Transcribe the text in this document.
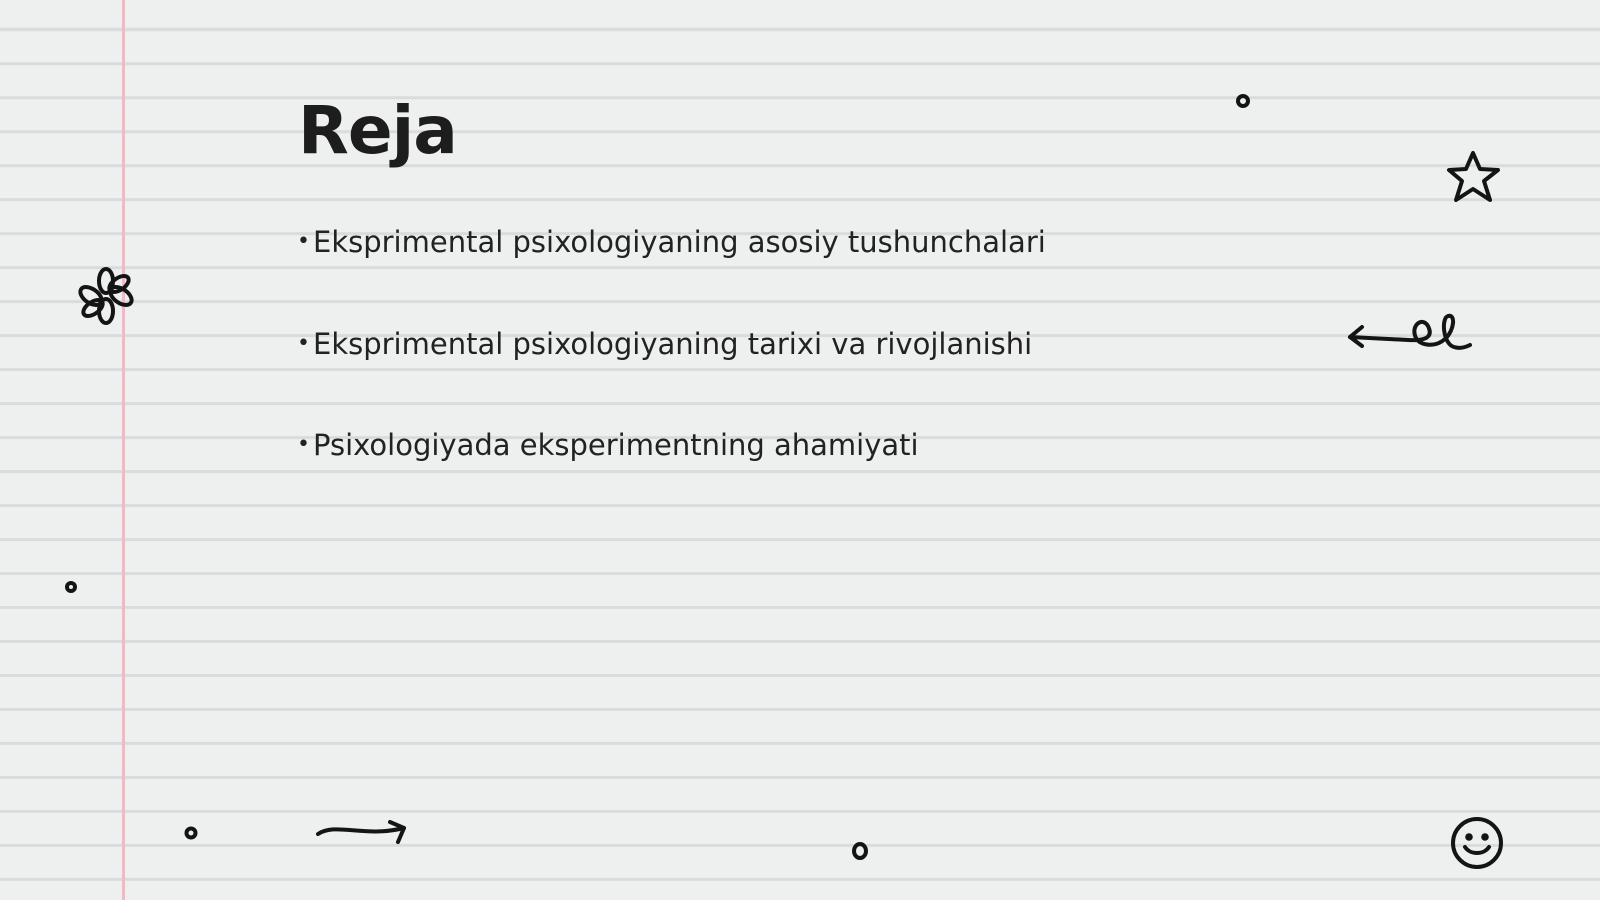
Reja
• Eksprimental psixologiyaning asosiy tushunchalari
• Eksprimental psixologiyaning tarixi va rivojlanishi
• Psixologiyada eksperimentning ahamiyati
